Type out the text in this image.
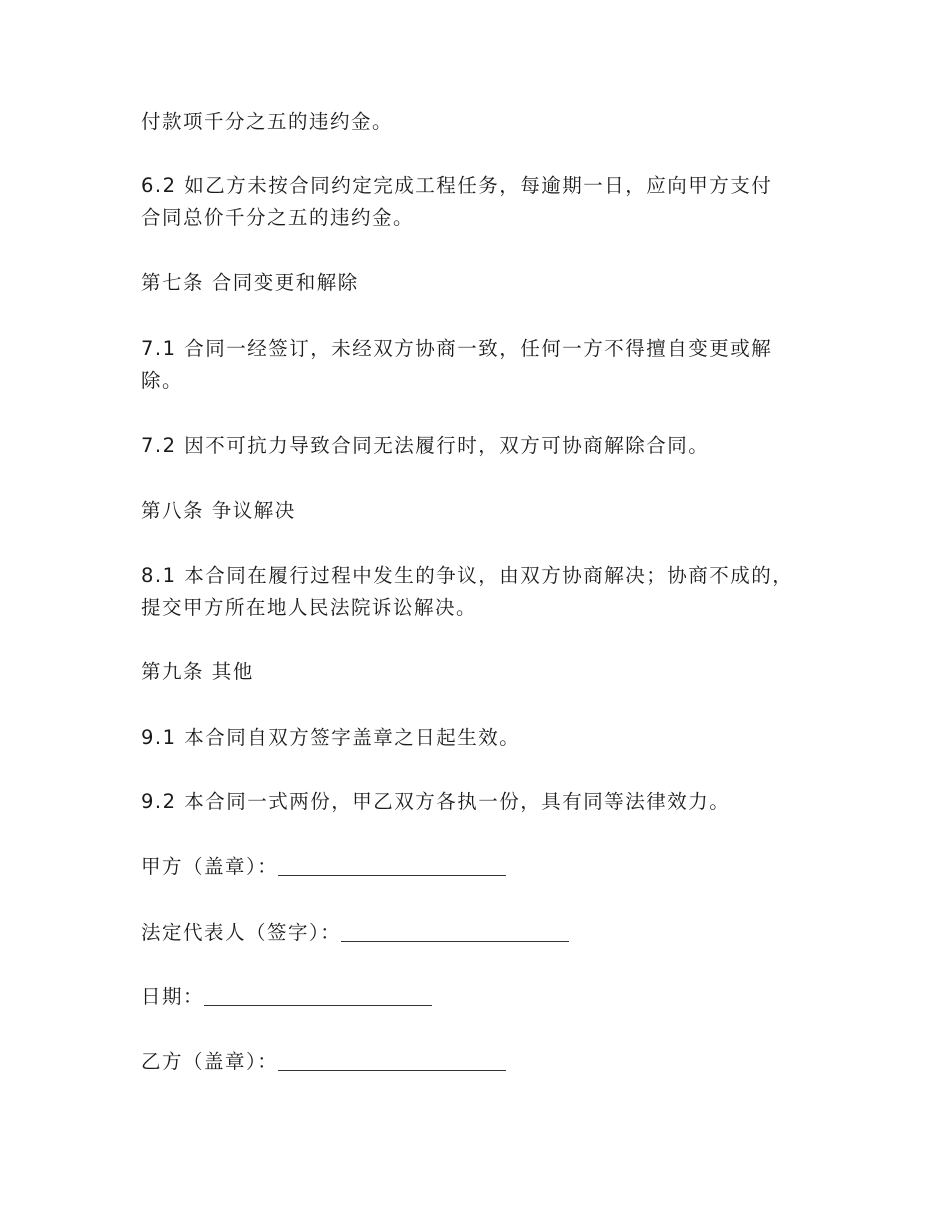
付款项千分之五的违约金。
6.2 如乙方未按合同约定完成工程任务，每逾期一日，应向甲方支付
合同总价千分之五的违约金。
第七条 合同变更和解除
7.1 合同一经签订，未经双方协商一致，任何一方不得擅自变更或解
除。
7.2 因不可抗力导致合同无法履行时，双方可协商解除合同。
第八条 争议解决
8.1 本合同在履行过程中发生的争议，由双方协商解决；协商不成的，
提交甲方所在地人民法院诉讼解决。
第九条 其他
9.1 本合同自双方签字盖章之日起生效。
9.2 本合同一式两份，甲乙双方各执一份，具有同等法律效力。
甲方（盖章）：
法定代表人（签字）：
日期：
乙方（盖章）：
